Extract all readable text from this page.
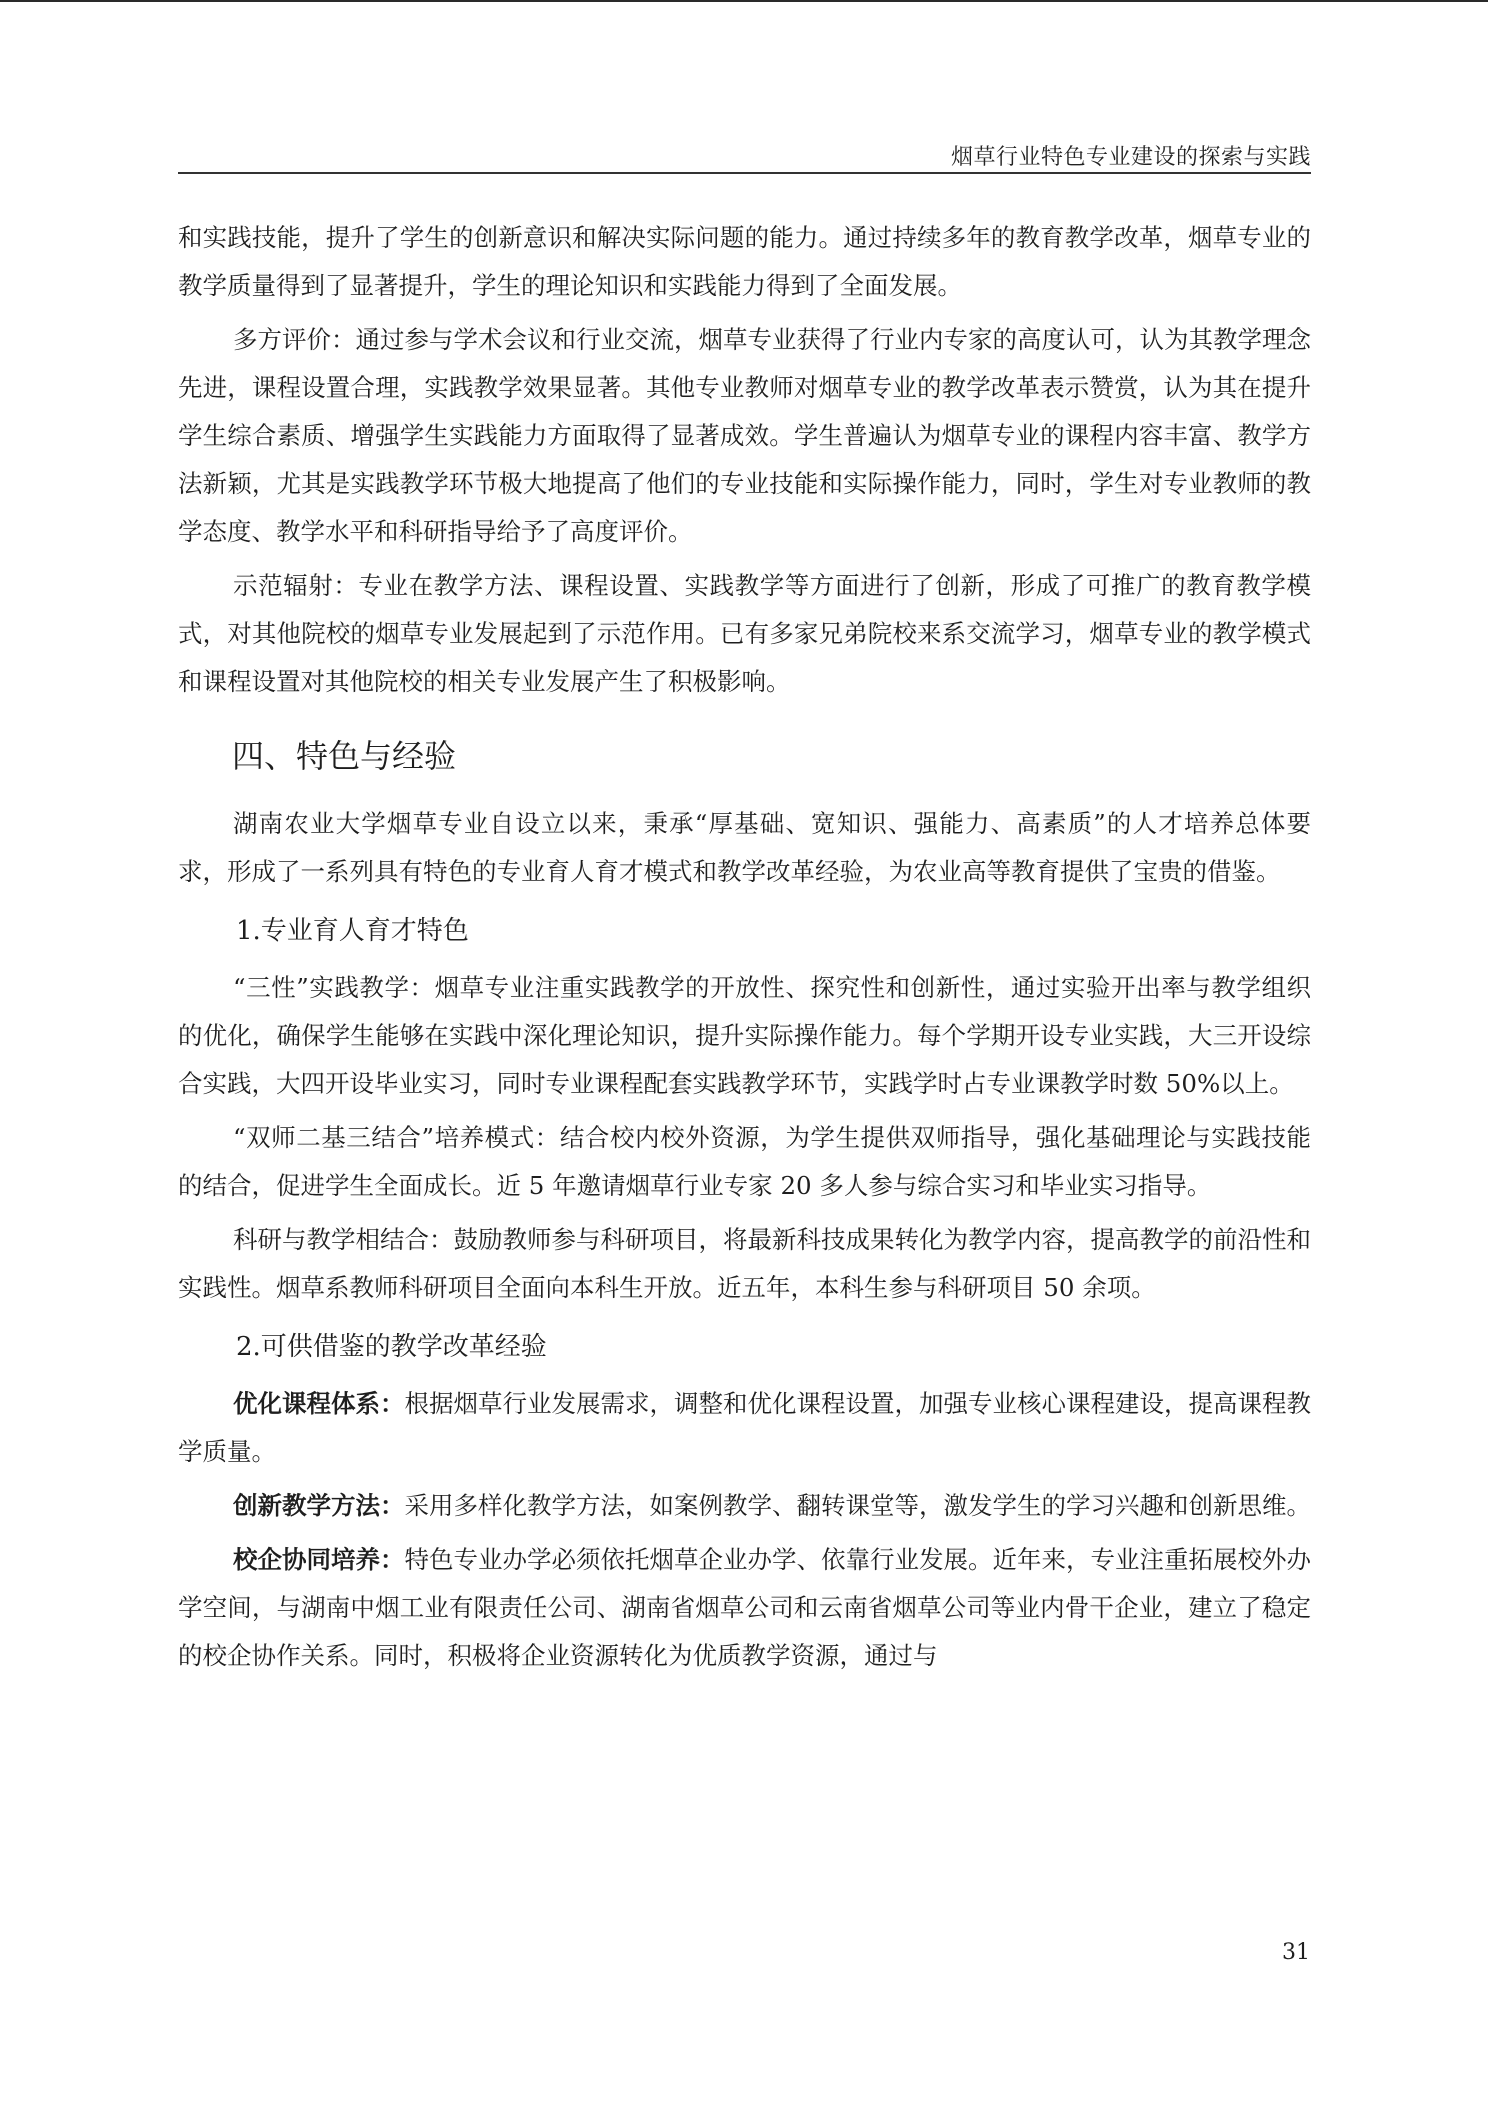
烟草行业特色专业建设的探索与实践

和实践技能，提升了学生的创新意识和解决实际问题的能力。通过持续多年的教育教学改革，烟草专业的教学质量得到了显著提升，学生的理论知识和实践能力得到了全面发展。

多方评价：通过参与学术会议和行业交流，烟草专业获得了行业内专家的高度认可，认为其教学理念先进，课程设置合理，实践教学效果显著。其他专业教师对烟草专业的教学改革表示赞赏，认为其在提升学生综合素质、增强学生实践能力方面取得了显著成效。学生普遍认为烟草专业的课程内容丰富、教学方法新颖，尤其是实践教学环节极大地提高了他们的专业技能和实际操作能力，同时，学生对专业教师的教学态度、教学水平和科研指导给予了高度评价。

示范辐射：专业在教学方法、课程设置、实践教学等方面进行了创新，形成了可推广的教育教学模式，对其他院校的烟草专业发展起到了示范作用。已有多家兄弟院校来系交流学习，烟草专业的教学模式和课程设置对其他院校的相关专业发展产生了积极影响。

四、特色与经验

湖南农业大学烟草专业自设立以来，秉承“厚基础、宽知识、强能力、高素质”的人才培养总体要求，形成了一系列具有特色的专业育人育才模式和教学改革经验，为农业高等教育提供了宝贵的借鉴。

1.专业育人育才特色

“三性”实践教学：烟草专业注重实践教学的开放性、探究性和创新性，通过实验开出率与教学组织的优化，确保学生能够在实践中深化理论知识，提升实际操作能力。每个学期开设专业实践，大三开设综合实践，大四开设毕业实习，同时专业课程配套实践教学环节，实践学时占专业课教学时数 50%以上。

“双师二基三结合”培养模式：结合校内校外资源，为学生提供双师指导，强化基础理论与实践技能的结合，促进学生全面成长。近 5 年邀请烟草行业专家 20 多人参与综合实习和毕业实习指导。

科研与教学相结合：鼓励教师参与科研项目，将最新科技成果转化为教学内容，提高教学的前沿性和实践性。烟草系教师科研项目全面向本科生开放。近五年，本科生参与科研项目 50 余项。

2.可供借鉴的教学改革经验

优化课程体系：根据烟草行业发展需求，调整和优化课程设置，加强专业核心课程建设，提高课程教学质量。

创新教学方法：采用多样化教学方法，如案例教学、翻转课堂等，激发学生的学习兴趣和创新思维。

校企协同培养：特色专业办学必须依托烟草企业办学、依靠行业发展。近年来，专业注重拓展校外办学空间，与湖南中烟工业有限责任公司、湖南省烟草公司和云南省烟草公司等业内骨干企业，建立了稳定的校企协作关系。同时，积极将企业资源转化为优质教学资源，通过与

31
